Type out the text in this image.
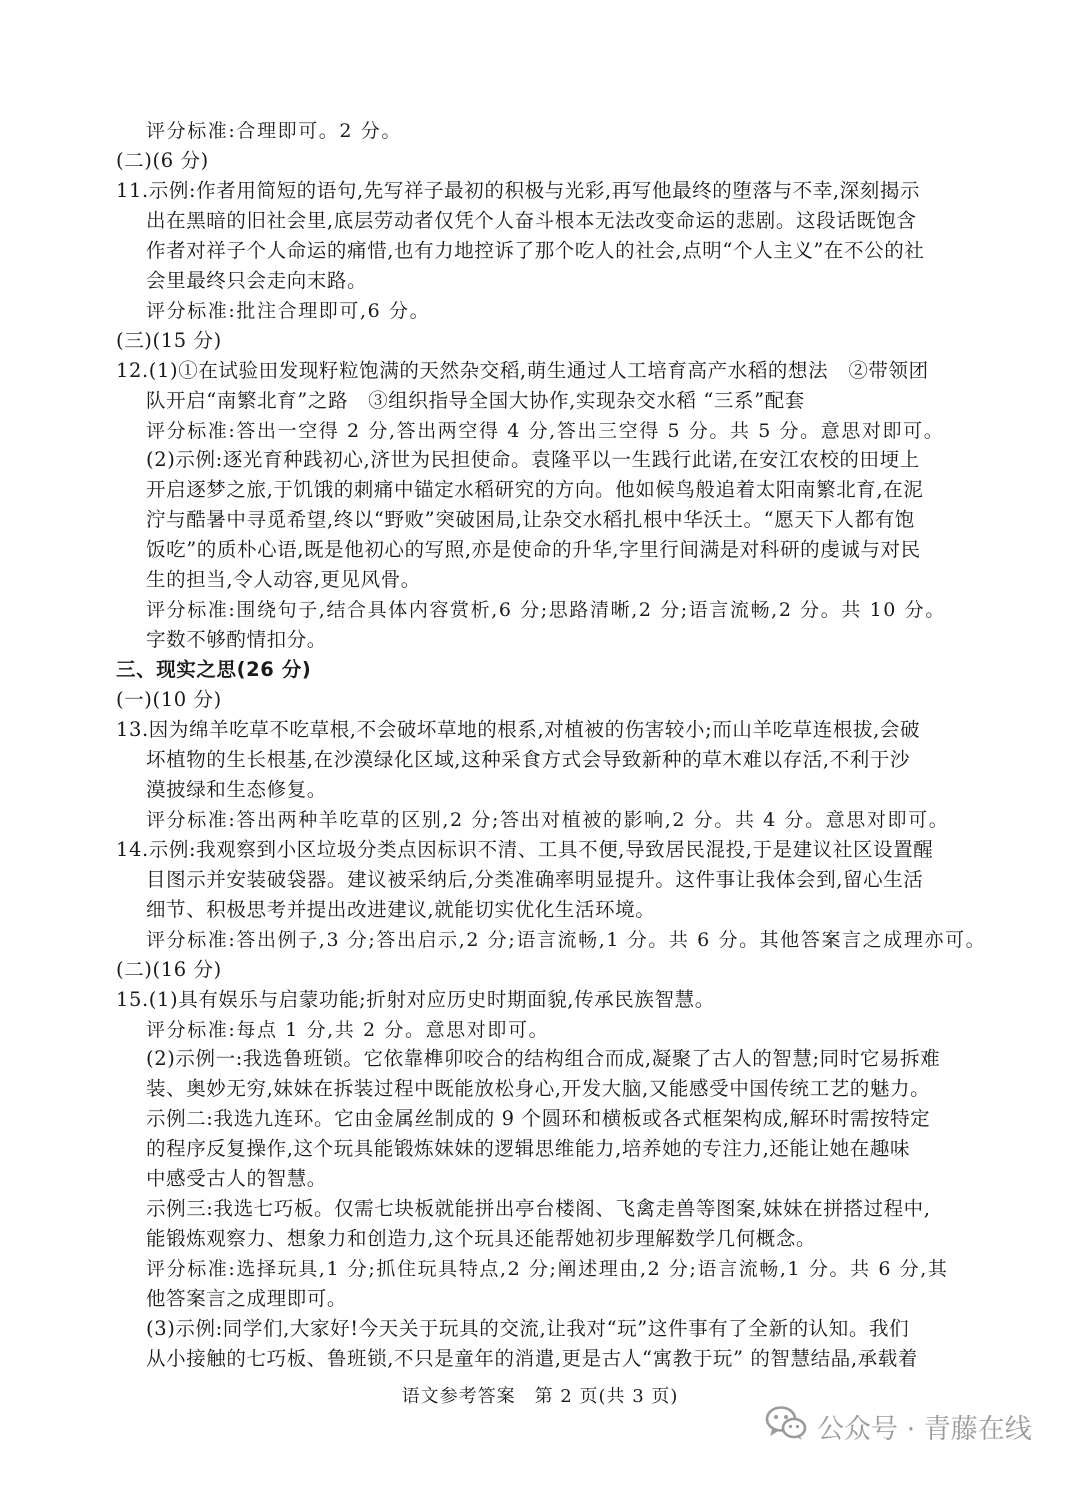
评分标准:合理即可。2 分。
(二)(6 分)
11.示例:作者用简短的语句,先写祥子最初的积极与光彩,再写他最终的堕落与不幸,深刻揭示
出在黑暗的旧社会里,底层劳动者仅凭个人奋斗根本无法改变命运的悲剧。这段话既饱含
作者对祥子个人命运的痛惜,也有力地控诉了那个吃人的社会,点明“个人主义”在不公的社
会里最终只会走向末路。
评分标准:批注合理即可,6 分。
(三)(15 分)
12.(1)①在试验田发现籽粒饱满的天然杂交稻,萌生通过人工培育高产水稻的想法　②带领团
队开启“南繁北育”之路　③组织指导全国大协作,实现杂交水稻 “三系”配套
评分标准:答出一空得 2 分,答出两空得 4 分,答出三空得 5 分。共 5 分。意思对即可。
(2)示例:逐光育种践初心,济世为民担使命。袁隆平以一生践行此诺,在安江农校的田埂上
开启逐梦之旅,于饥饿的刺痛中锚定水稻研究的方向。他如候鸟般追着太阳南繁北育,在泥
泞与酷暑中寻觅希望,终以“野败”突破困局,让杂交水稻扎根中华沃土。“愿天下人都有饱
饭吃”的质朴心语,既是他初心的写照,亦是使命的升华,字里行间满是对科研的虔诚与对民
生的担当,令人动容,更见风骨。
评分标准:围绕句子,结合具体内容赏析,6 分;思路清晰,2 分;语言流畅,2 分。共 10 分。
字数不够酌情扣分。
三、现实之思(26 分)
(一)(10 分)
13.因为绵羊吃草不吃草根,不会破坏草地的根系,对植被的伤害较小;而山羊吃草连根拔,会破
坏植物的生长根基,在沙漠绿化区域,这种采食方式会导致新种的草木难以存活,不利于沙
漠披绿和生态修复。
评分标准:答出两种羊吃草的区别,2 分;答出对植被的影响,2 分。共 4 分。意思对即可。
14.示例:我观察到小区垃圾分类点因标识不清、工具不便,导致居民混投,于是建议社区设置醒
目图示并安装破袋器。建议被采纳后,分类准确率明显提升。这件事让我体会到,留心生活
细节、积极思考并提出改进建议,就能切实优化生活环境。
评分标准:答出例子,3 分;答出启示,2 分;语言流畅,1 分。共 6 分。其他答案言之成理亦可。
(二)(16 分)
15.(1)具有娱乐与启蒙功能;折射对应历史时期面貌,传承民族智慧。
评分标准:每点 1 分,共 2 分。意思对即可。
(2)示例一:我选鲁班锁。它依靠榫卯咬合的结构组合而成,凝聚了古人的智慧;同时它易拆难
装、奥妙无穷,妹妹在拆装过程中既能放松身心,开发大脑,又能感受中国传统工艺的魅力。
示例二:我选九连环。它由金属丝制成的 9 个圆环和横板或各式框架构成,解环时需按特定
的程序反复操作,这个玩具能锻炼妹妹的逻辑思维能力,培养她的专注力,还能让她在趣味
中感受古人的智慧。
示例三:我选七巧板。仅需七块板就能拼出亭台楼阁、飞禽走兽等图案,妹妹在拼搭过程中,
能锻炼观察力、想象力和创造力,这个玩具还能帮她初步理解数学几何概念。
评分标准:选择玩具,1 分;抓住玩具特点,2 分;阐述理由,2 分;语言流畅,1 分。共 6 分,其
他答案言之成理即可。
(3)示例:同学们,大家好!今天关于玩具的交流,让我对“玩”这件事有了全新的认知。我们
从小接触的七巧板、鲁班锁,不只是童年的消遣,更是古人“寓教于玩” 的智慧结晶,承载着
语文参考答案　第 2 页(共 3 页)
公众号 · 青藤在线
